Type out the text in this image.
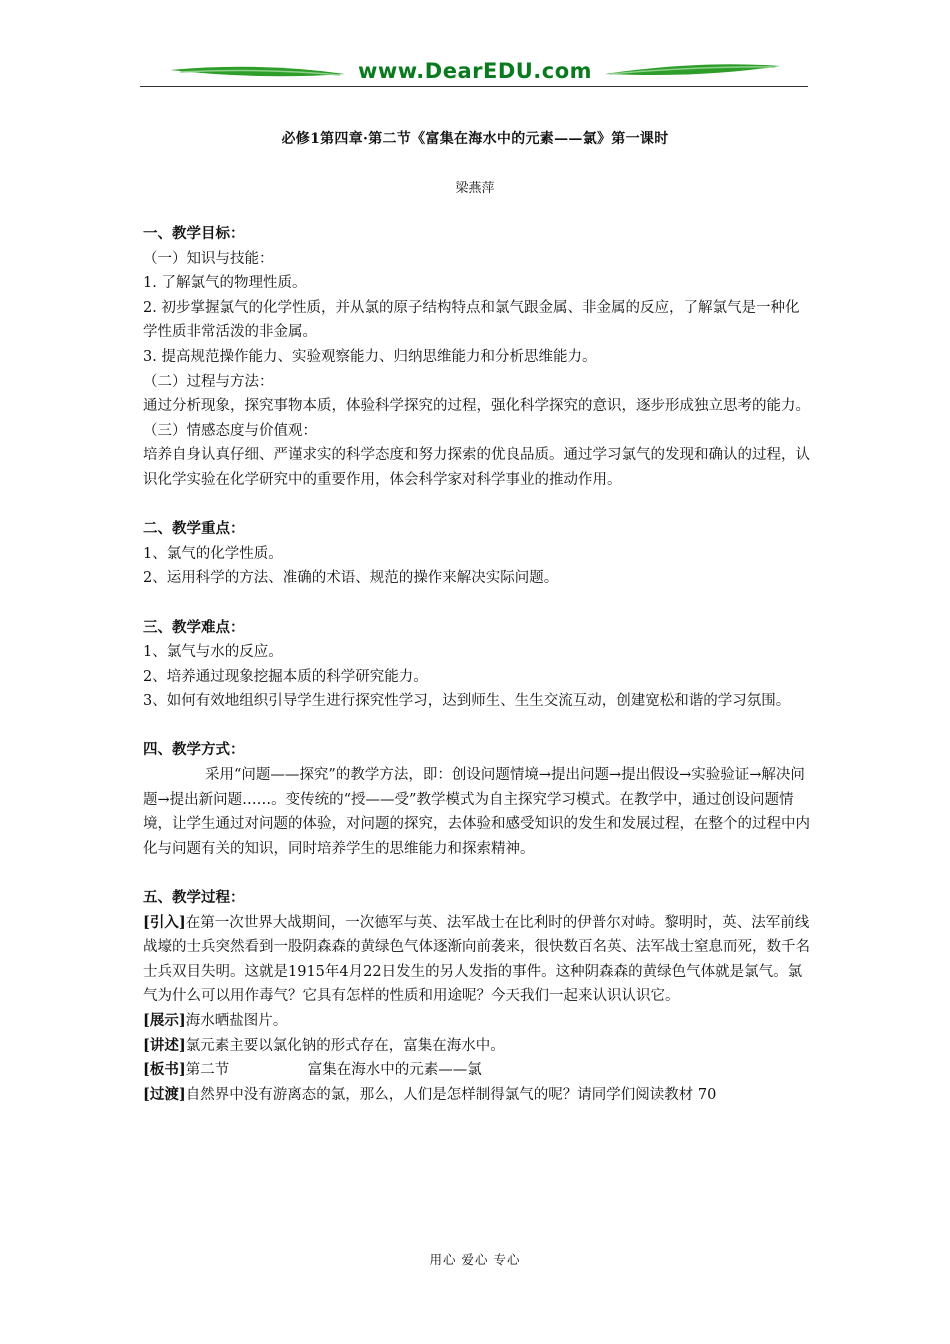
www.DearEDU.com
必修1第四章·第二节《富集在海水中的元素——氯》第一课时
梁燕萍

一、教学目标：

（一）知识与技能：

1. 了解氯气的物理性质。

2. 初步掌握氯气的化学性质，并从氯的原子结构特点和氯气跟金属、非金属的反应，了解氯气是一种化学性质非常活泼的非金属。

3. 提高规范操作能力、实验观察能力、归纳思维能力和分析思维能力。

（二）过程与方法：

通过分析现象，探究事物本质，体验科学探究的过程，强化科学探究的意识，逐步形成独立思考的能力。

（三）情感态度与价值观：

培养自身认真仔细、严谨求实的科学态度和努力探索的优良品质。通过学习氯气的发现和确认的过程，认识化学实验在化学研究中的重要作用，体会科学家对科学事业的推动作用。

二、教学重点：

1、氯气的化学性质。

2、运用科学的方法、准确的术语、规范的操作来解决实际问题。

三、教学难点：

1、氯气与水的反应。

2、培养通过现象挖掘本质的科学研究能力。

3、如何有效地组织引导学生进行探究性学习，达到师生、生生交流互动，创建宽松和谐的学习氛围。

四、教学方式：

采用“问题——探究”的教学方法，即：创设问题情境→提出问题→提出假设→实验验证→解决问题→提出新问题……。变传统的“授——受”教学模式为自主探究学习模式。在教学中，通过创设问题情境，让学生通过对问题的体验，对问题的探究，去体验和感受知识的发生和发展过程，在整个的过程中内化与问题有关的知识，同时培养学生的思维能力和探索精神。

五、教学过程：

[引入]在第一次世界大战期间，一次德军与英、法军战士在比利时的伊普尔对峙。黎明时，英、法军前线战壕的士兵突然看到一股阴森森的黄绿色气体逐渐向前袭来，很快数百名英、法军战士窒息而死，数千名士兵双目失明。这就是1915年4月22日发生的另人发指的事件。这种阴森森的黄绿色气体就是氯气。氯气为什么可以用作毒气？它具有怎样的性质和用途呢？今天我们一起来认识认识它。

[展示]海水晒盐图片。

[讲述]氯元素主要以氯化钠的形式存在，富集在海水中。

[板书]第二节	富集在海水中的元素——氯

[过渡]自然界中没有游离态的氯，那么，人们是怎样制得氯气的呢？请同学们阅读教材 70

用心 爱心 专心
